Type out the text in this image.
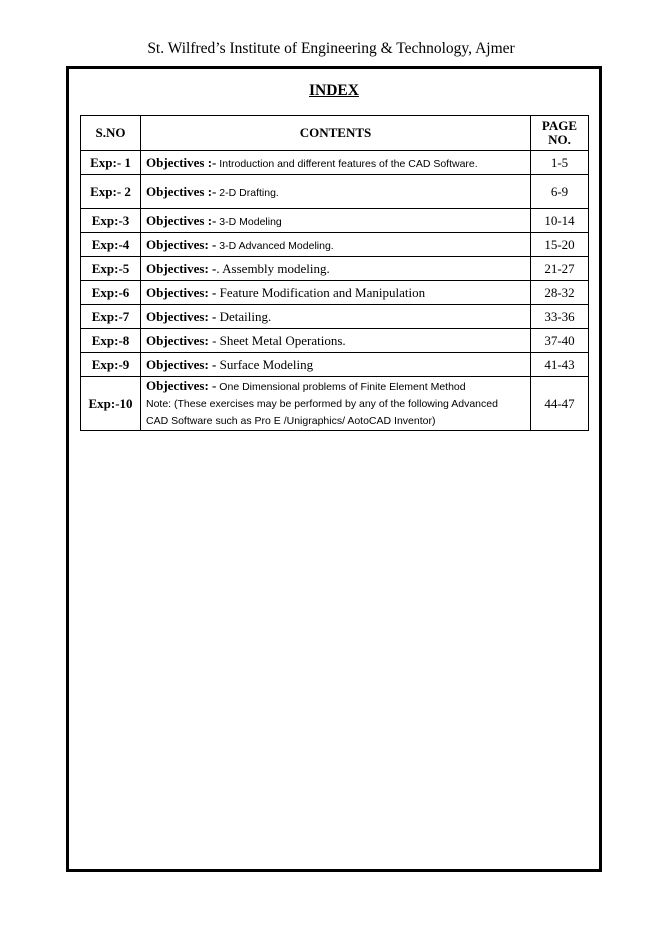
St. Wilfred’s Institute of Engineering & Technology, Ajmer
INDEX
S.NO	CONTENTS	PAGE
NO.
Exp:- 1	Objectives :- Introduction and different features of the CAD Software.	1-5
Exp:- 2	Objectives :- 2-D Drafting.	6-9
Exp:-3	Objectives :- 3-D Modeling	10-14
Exp:-4	Objectives: - 3-D Advanced Modeling.	15-20
Exp:-5	Objectives: -. Assembly modeling.	21-27
Exp:-6	Objectives: - Feature Modification and Manipulation	28-32
Exp:-7	Objectives: - Detailing.	33-36
Exp:-8	Objectives: - Sheet Metal Operations.	37-40
Exp:-9	Objectives: - Surface Modeling	41-43
Exp:-10	Objectives: - One Dimensional problems of Finite Element Method
Note: (These exercises may be performed by any of the following Advanced
CAD Software such as Pro E /Unigraphics/ AotoCAD Inventor)	44-47
